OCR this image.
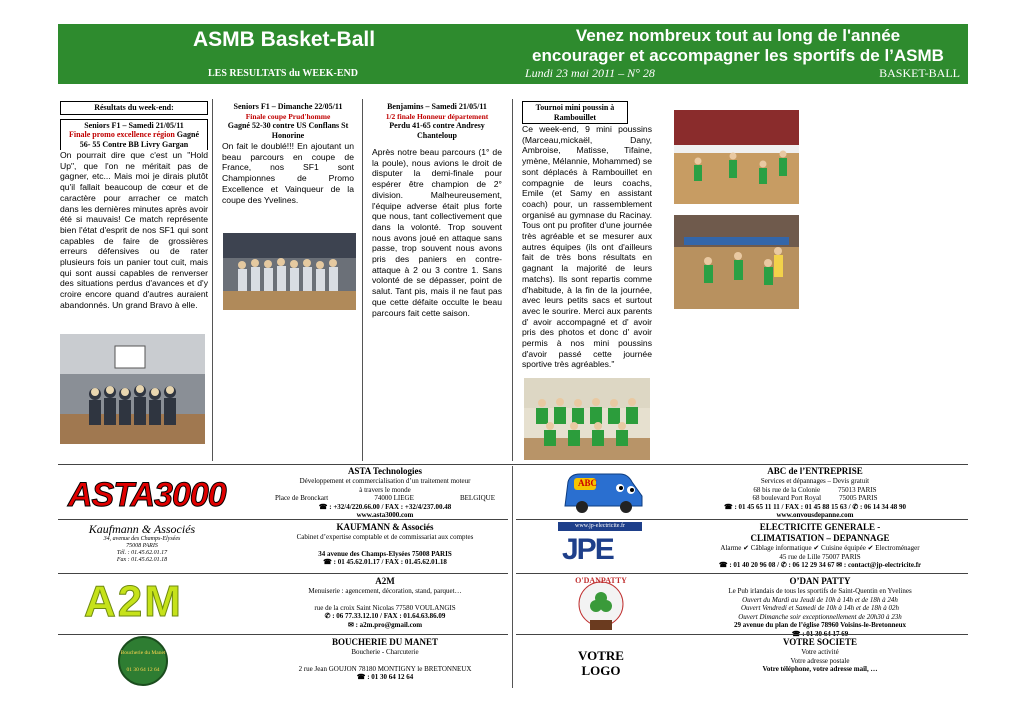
ASMB Basket-Ball	Venez nombreux tout au long de l'année
encourager et accompagner les sportifs de l’ASMB
LES RESULTATS du WEEK-END	Lundi 23 mai 2011 – N° 28	BASKET-BALL
Résultats du week-end:
Seniors F1 – Samedi 21/05/11
Finale promo excellence région Gagné
56- 55 Contre BB Livry Gargan

On pourrait dire que c'est un "Hold Up", que l'on ne méritait pas de gagner, etc... Mais moi je dirais plutôt qu'il fallait beaucoup de cœur et de caractère pour arracher ce match dans les dernières minutes après avoir été si mauvais! Ce match représente bien l'état d'esprit de nos SF1 qui sont capables de faire de grossières erreurs défensives ou de rater plusieurs fois un panier tout cuit, mais qui sont aussi capables de renverser des situations perdus d'avances et d'y croire encore quand d'autres auraient abandonnés. Un grand Bravo à elle.

Seniors F1 – Dimanche 22/05/11
Finale coupe Prud'homme
Gagné 52-30 contre US Conflans St Honorine

On fait le doublé!!! En ajoutant un beau parcours en coupe de France, nos SF1 sont Championnes de Promo Excellence et Vainqueur de la coupe des Yvelines.

Benjamins – Samedi 21/05/11
1/2 finale Honneur département
Perdu 41-65 contre Andresy Chanteloup

Après notre beau parcours (1° de la poule), nous avions le droit de disputer la demi-finale pour espérer être champion de 2° division. Malheureusement, l'équipe adverse était plus forte que nous, tant collectivement que dans la volonté. Trop souvent nous avons joué en attaque sans passe, trop souvent nous avons pris des paniers en contre-attaque à 2 ou 3 contre 1. Sans volonté de se dépasser, point de salut. Tant pis, mais il ne faut pas que cette défaite occulte le beau parcours fait cette saison.

Tournoi mini poussin à Rambouillet

Ce week-end, 9 mini poussins (Marceau,mickaël, Dany, Ambroise, Matisse, Tifaine, ymène, Mélannie, Mohammed) se sont déplacés à Rambouillet en compagnie de leurs coachs, Emile (et Samy en assistant coach) pour, un rassemblement organisé au gymnase du Racinay. Tous ont pu profiter d'une journée très agréable et se mesurer aux autres équipes (ils ont d'ailleurs fait de très bons résultats en gagnant la majorité de leurs matchs). Ils sont repartis comme d'habitude, à la fin de la journée, avec leurs petits sacs et surtout avec le sourire. Merci aux parents d' avoir accompagné et d' avoir pris des photos et donc d' avoir permis à nos mini poussins d'avoir passé cette journée sportive très agréables."

ASTA3000
ASTA Technologies
Développement et commercialisation d’un traitement moteur
à travers le monde
Place de Bronckart	74000 LIEGE	BELGIQUE
☎ : +32/4/220.66.00 / FAX : +32/4/237.00.48
www.asta3000.com
Kaufmann & Associés
34, avenue des Champs-Elysées
75008 PARIS
Tél. : 01.45.62.01.17
Fax : 01.45.62.01.18
KAUFMANN & Associés
Cabinet d’expertise comptable et de commissariat aux comptes
34 avenue des Champs-Elysées 75008 PARIS
☎ : 01 45.62.01.17 / FAX : 01.45.62.01.18
A2M	A2M
Menuiserie : agencement, décoration, stand, parquet…
rue de la croix Saint Nicolas 77580 VOULANGIS
✆ : 06 77.33.12.10 / FAX : 01.64.63.86.09
✉ : a2m.pro@gmail.com
Boucherie du Manet
01 30 64 12 64
BOUCHERIE DU MANET
Boucherie - Charcuterie
2 rue Jean GOUJON 78180 MONTIGNY le BRETONNEUX
☎ : 01 30 64 12 64
ABC
ABC de l’ENTREPRISE
Services et dépannages – Devis gratuit
68 bis rue de la Colonie	75013 PARIS
68 boulevard Port Royal	75005 PARIS
☎ : 01 45 65 11 11 / FAX : 01 45 88 15 63 / ✆ : 06 14 34 48 90
www.onvousdepanne.com
www.jp-electricite.fr
JPE
ELECTRICITE GENERALE -
CLIMATISATION – DEPANNAGE
Alarme ✔ Câblage informatique ✔ Cuisine équipée ✔ Electroménager
45 rue de Lille 75007 PARIS
☎ : 01 40 20 96 08 / ✆ : 06 12 29 34 67 ✉ : contact@jp-electricite.fr
O'DANPATTY	O’DAN PATTY
Le Pub irlandais de tous les sportifs de Saint-Quentin en Yvelines
Ouvert du Mardi au Jeudi de 10h à 14h et de 18h à 24h
Ouvert Vendredi et Samedi de 10h à 14h et de 18h à 02h
Ouvert Dimanche soir exceptionnellement de 20h30 à 23h
29 avenue du plan de l’église 78960 Voisins-le-Bretonneux
VOTRE
LOGO
VOTRE SOCIETE
Votre activité
Votre adresse postale
Votre téléphone, votre adresse mail, …
